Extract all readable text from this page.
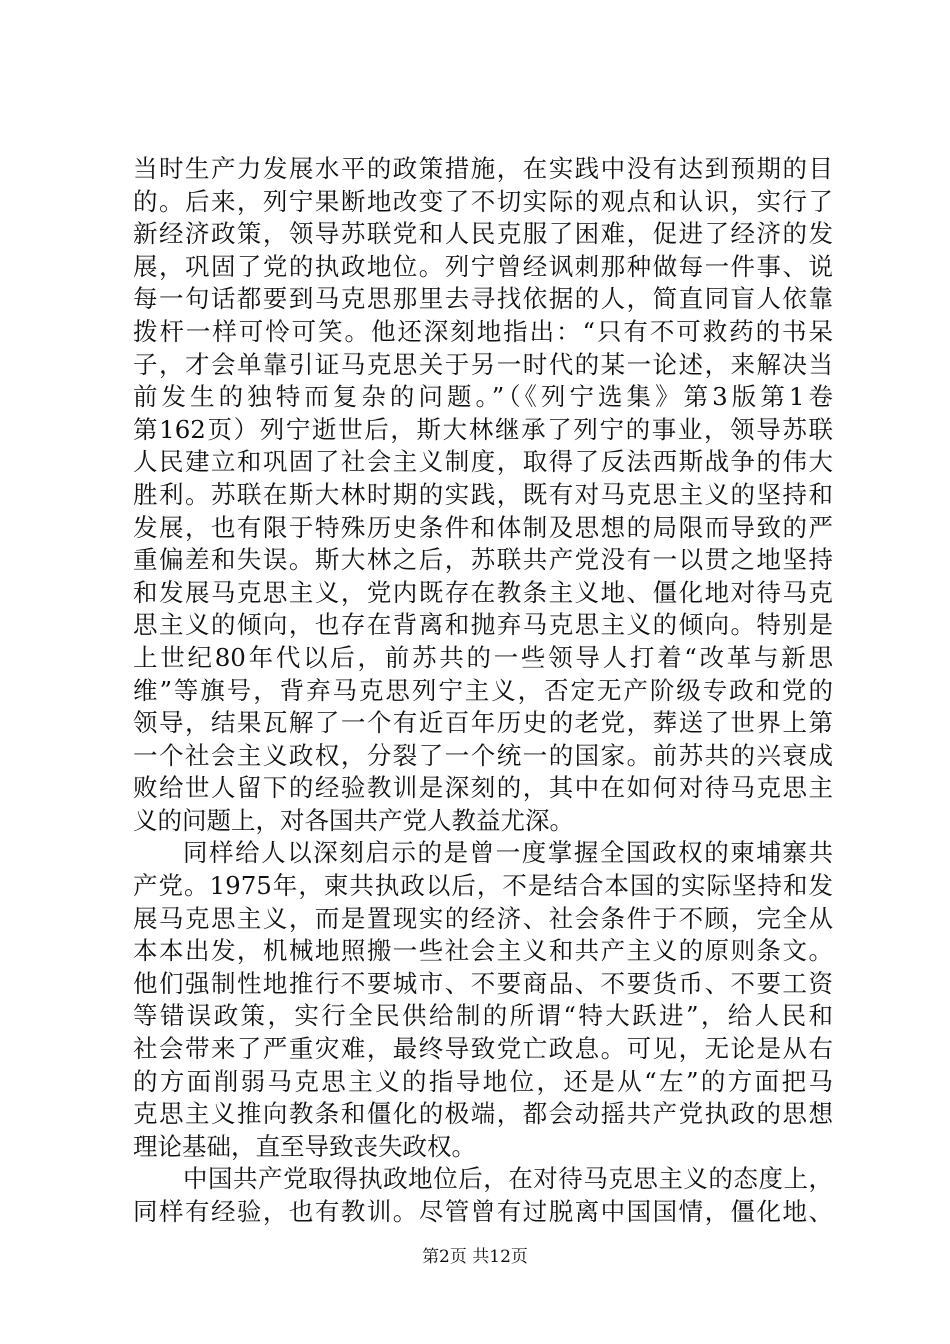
当时生产力发展水平的政策措施，在实践中没有达到预期的目
的。后来，列宁果断地改变了不切实际的观点和认识，实行了
新经济政策，领导苏联党和人民克服了困难，促进了经济的发
展，巩固了党的执政地位。列宁曾经讽刺那种做每一件事、说
每一句话都要到马克思那里去寻找依据的人，简直同盲人依靠
拨杆一样可怜可笑。他还深刻地指出：“只有不可救药的书呆
子，才会单靠引证马克思关于另一时代的某一论述，来解决当
前发生的独特而复杂的问题。”（《列宁选集》第3版第1卷
第162页）列宁逝世后，斯大林继承了列宁的事业，领导苏联
人民建立和巩固了社会主义制度，取得了反法西斯战争的伟大
胜利。苏联在斯大林时期的实践，既有对马克思主义的坚持和
发展，也有限于特殊历史条件和体制及思想的局限而导致的严
重偏差和失误。斯大林之后，苏联共产党没有一以贯之地坚持
和发展马克思主义，党内既存在教条主义地、僵化地对待马克
思主义的倾向，也存在背离和抛弃马克思主义的倾向。特别是
上世纪80年代以后，前苏共的一些领导人打着“改革与新思
维”等旗号，背弃马克思列宁主义，否定无产阶级专政和党的
领导，结果瓦解了一个有近百年历史的老党，葬送了世界上第
一个社会主义政权，分裂了一个统一的国家。前苏共的兴衰成
败给世人留下的经验教训是深刻的，其中在如何对待马克思主
义的问题上，对各国共产党人教益尤深。
同样给人以深刻启示的是曾一度掌握全国政权的柬埔寨共
产党。1975年，柬共执政以后，不是结合本国的实际坚持和发
展马克思主义，而是置现实的经济、社会条件于不顾，完全从
本本出发，机械地照搬一些社会主义和共产主义的原则条文。
他们强制性地推行不要城市、不要商品、不要货币、不要工资
等错误政策，实行全民供给制的所谓“特大跃进”，给人民和
社会带来了严重灾难，最终导致党亡政息。可见，无论是从右
的方面削弱马克思主义的指导地位，还是从“左”的方面把马
克思主义推向教条和僵化的极端，都会动摇共产党执政的思想
理论基础，直至导致丧失政权。
中国共产党取得执政地位后，在对待马克思主义的态度上，
同样有经验，也有教训。尽管曾有过脱离中国国情，僵化地、
第2页 共12页
